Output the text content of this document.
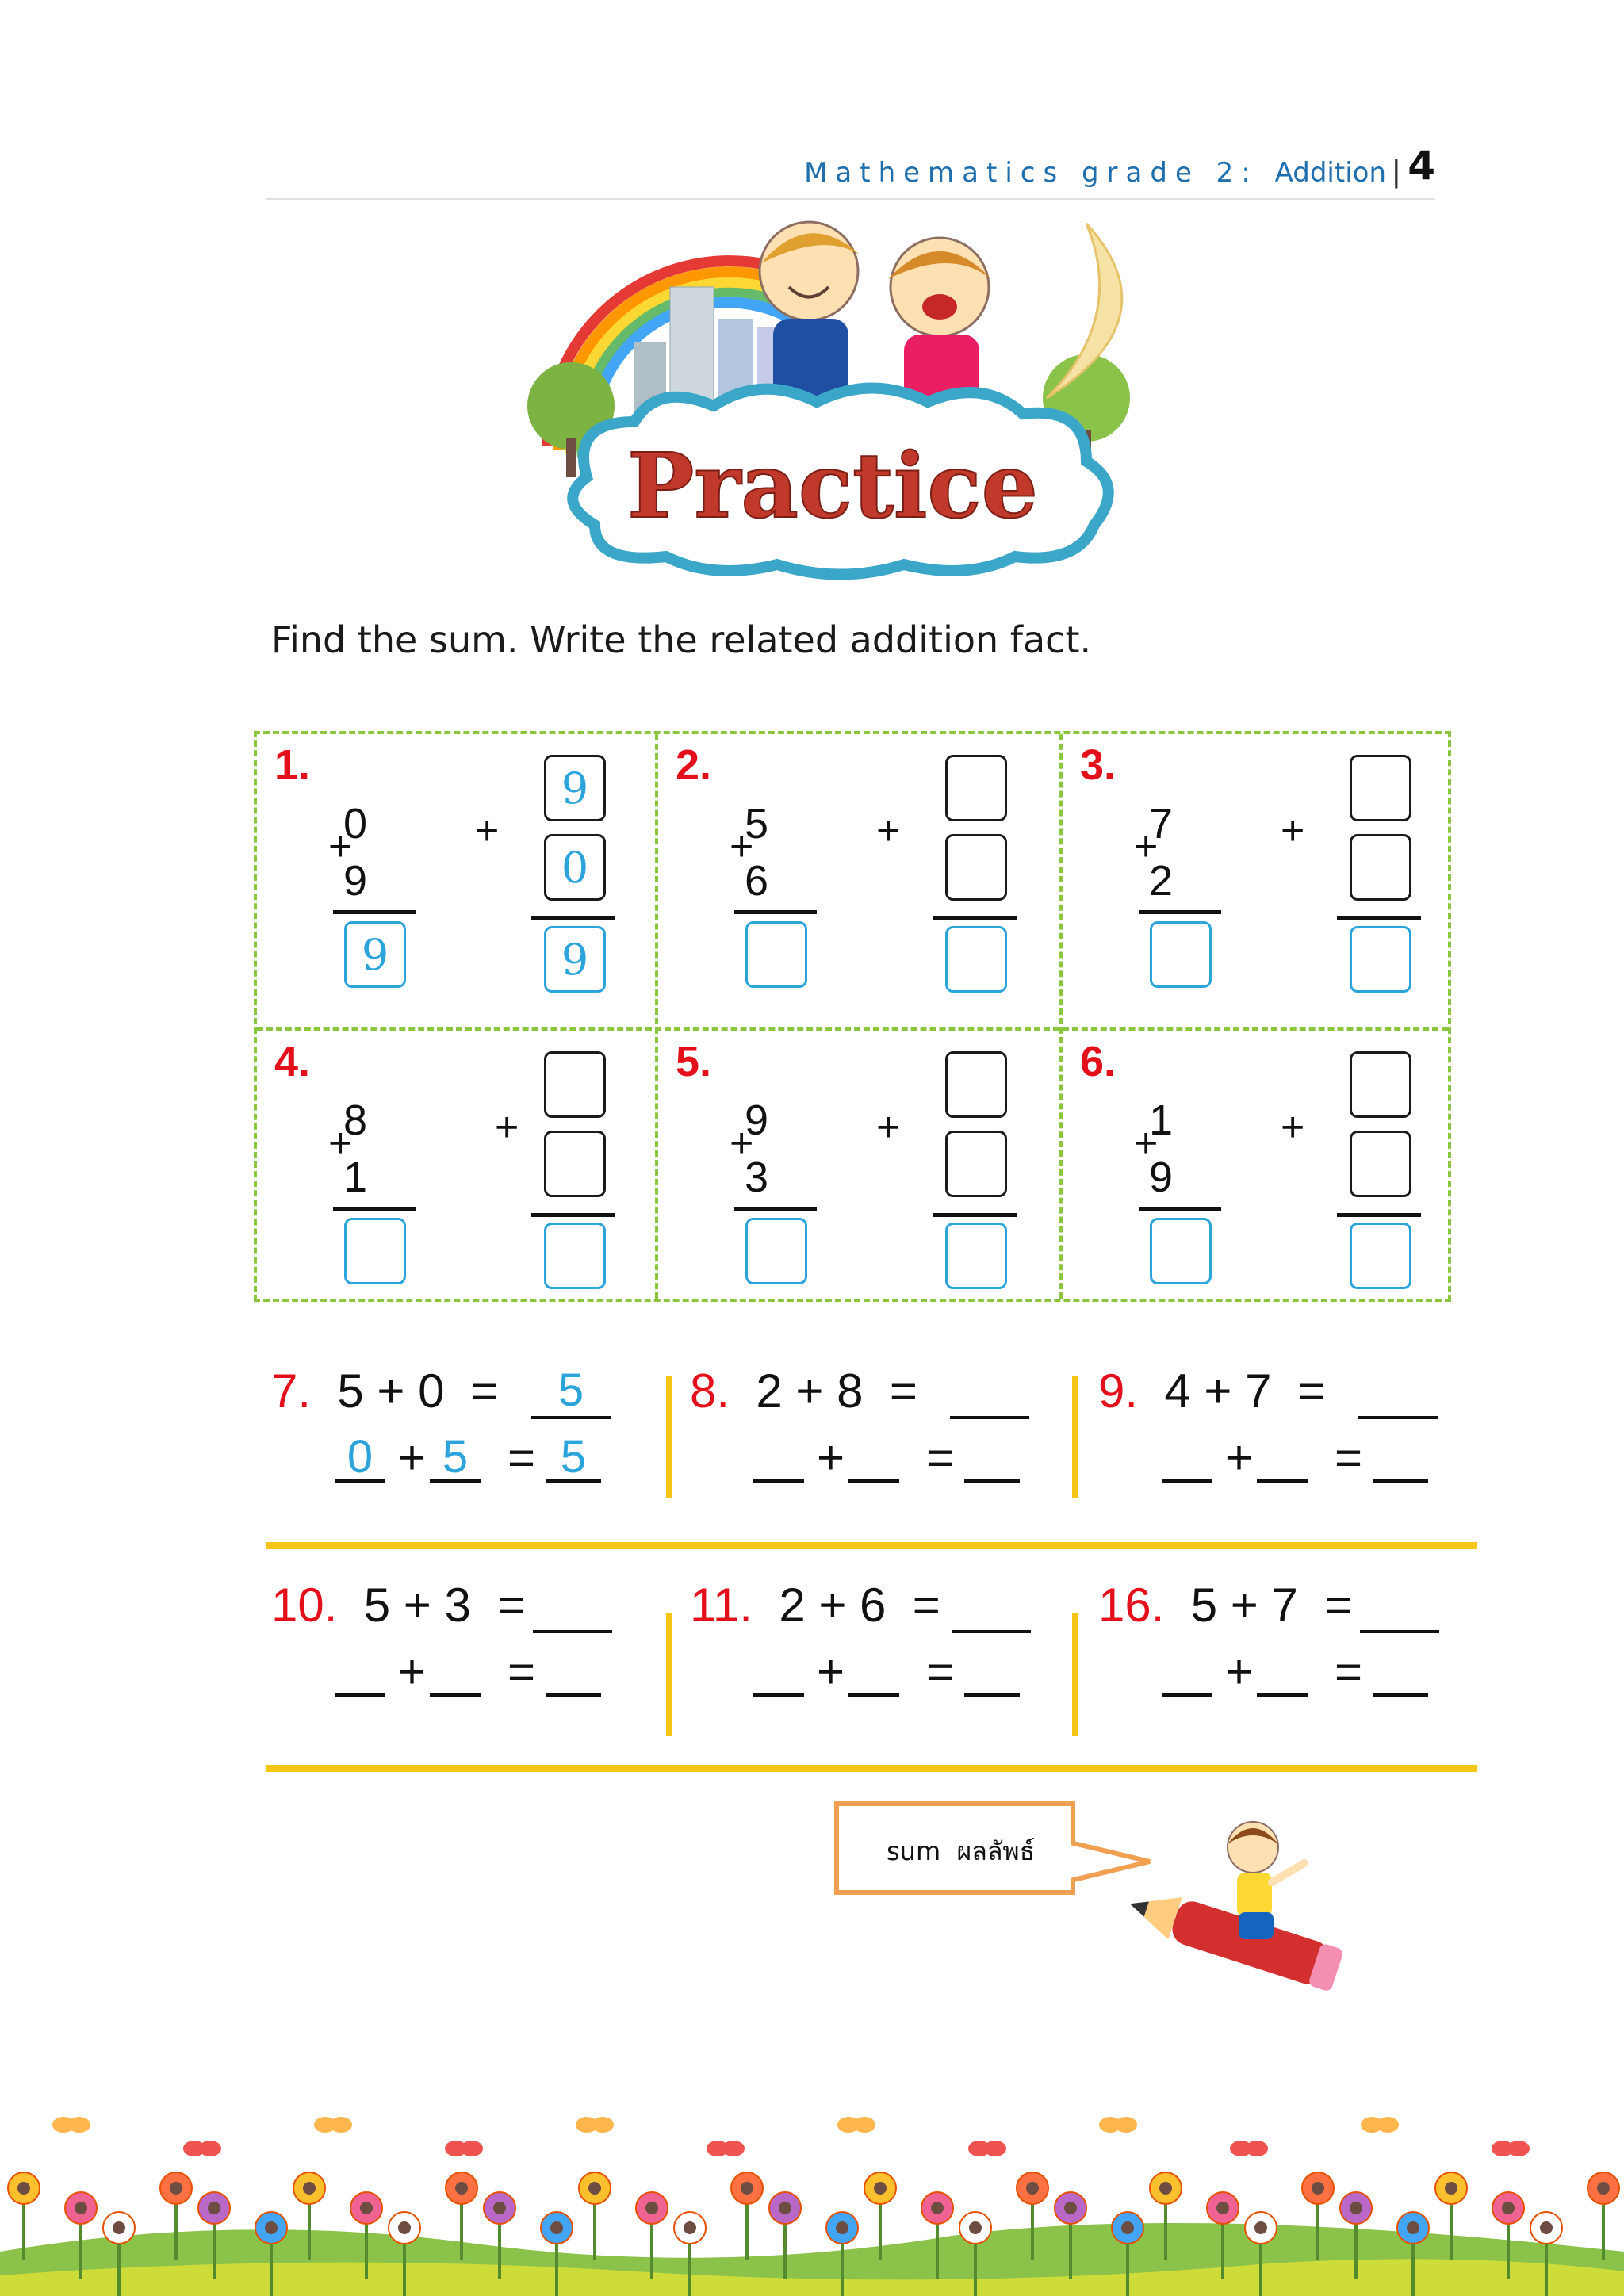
Mathematics grade 2: Addition | 4
Practice
Find the sum. Write the related addition fact.
1.
0
+
9
9
+
9
0
9
2.
5
+
6
+
3.
7
+
2
+
4.
8
+
1
+
5.
9
+
3
+
6.
1
+
9
+
7. 5 + 0 =	5
0 + 5 = 5
8. 2 + 8 =
+ =
9. 4 + 7 =
+ =
10. 5 + 3 =
+ =
11. 2 + 6 =
+ =
16. 5 + 7 =
+ =
sum ผลลัพธ์
